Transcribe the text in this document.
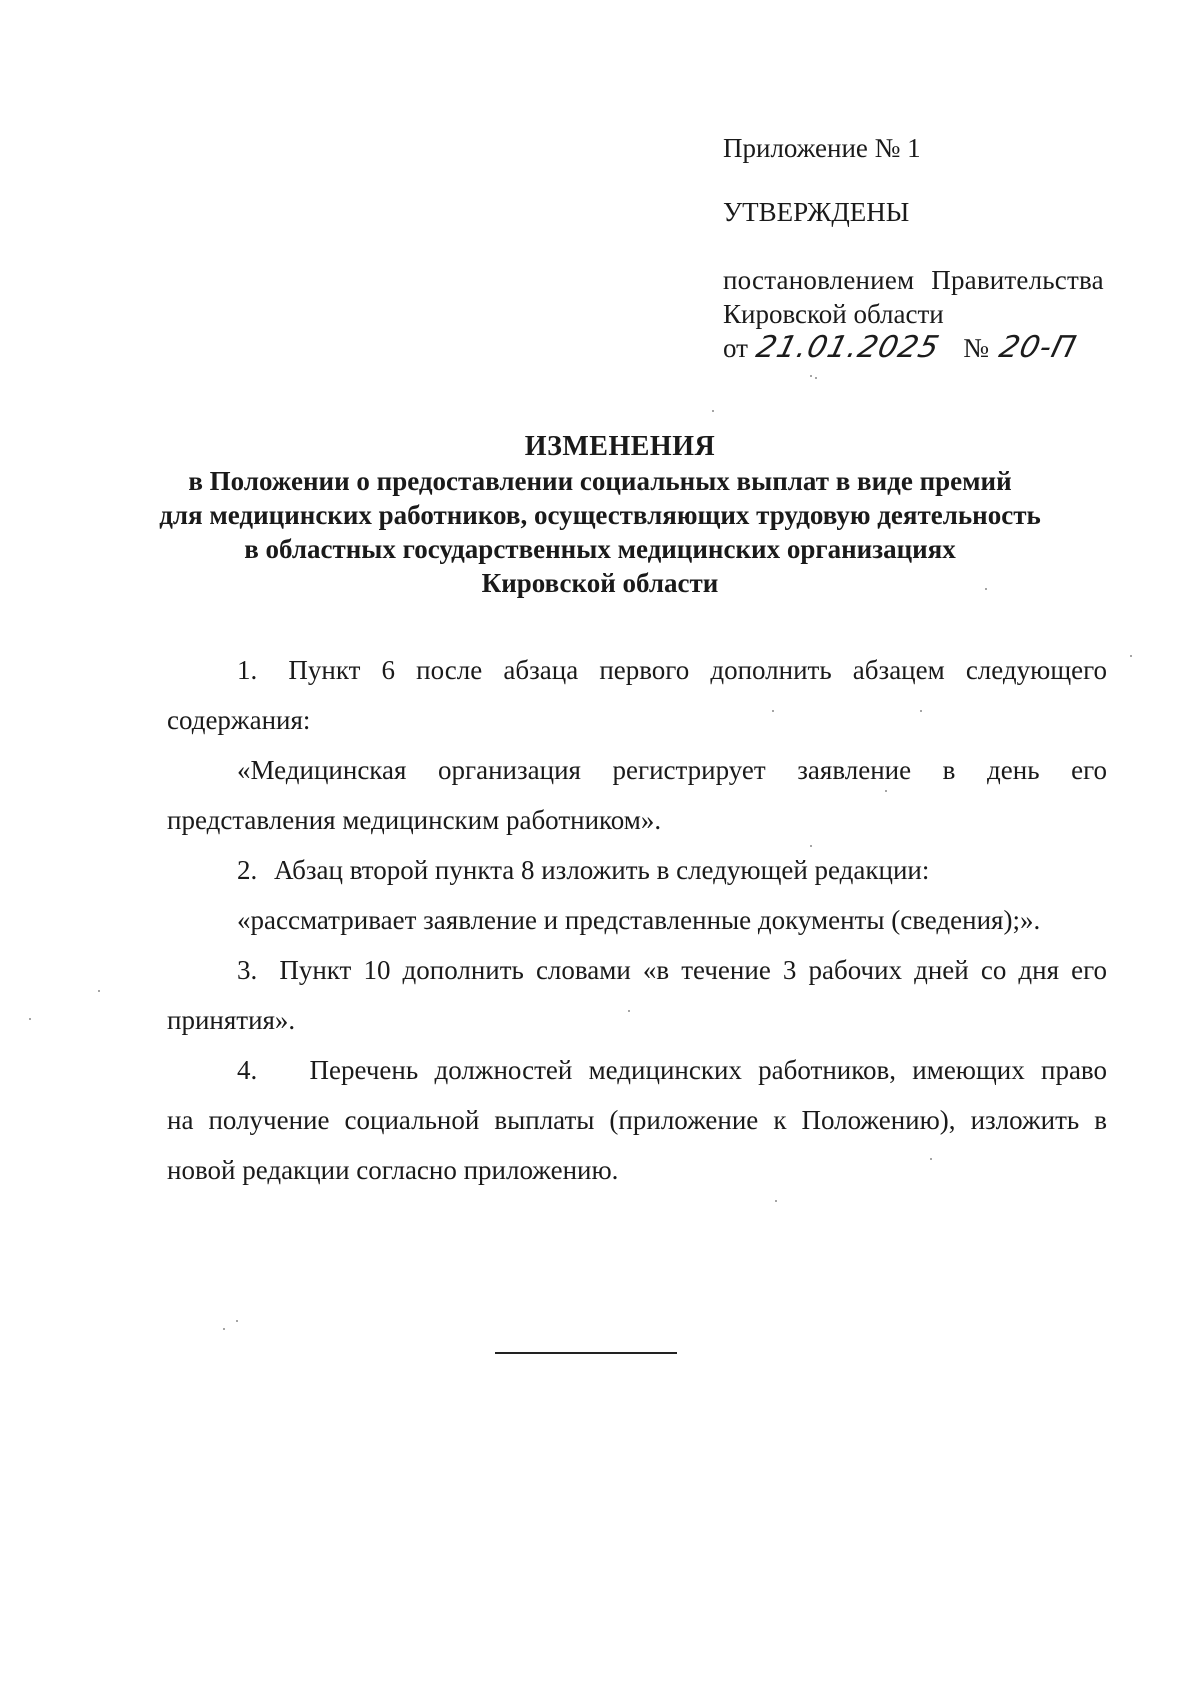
Приложение № 1
УТВЕРЖДЕНЫ
постановлением Правительства
Кировской области
от 21.01.2025 № 20-П
ИЗМЕНЕНИЯ
в Положении о предоставлении социальных выплат в виде премий
для медицинских работников, осуществляющих трудовую деятельность
в областных государственных медицинских организациях
Кировской области

1. Пункт 6 после абзаца первого дополнить абзацем следующего

содержания:

«Медицинская организация регистрирует заявление в день его

представления медицинским работником».

2. Абзац второй пункта 8 изложить в следующей редакции:

«рассматривает заявление и представленные документы (сведения);».

3. Пункт 10 дополнить словами «в течение 3 рабочих дней со дня его

принятия».

4. Перечень должностей медицинских работников, имеющих право

на получение социальной выплаты (приложение к Положению), изложить в

новой редакции согласно приложению.
